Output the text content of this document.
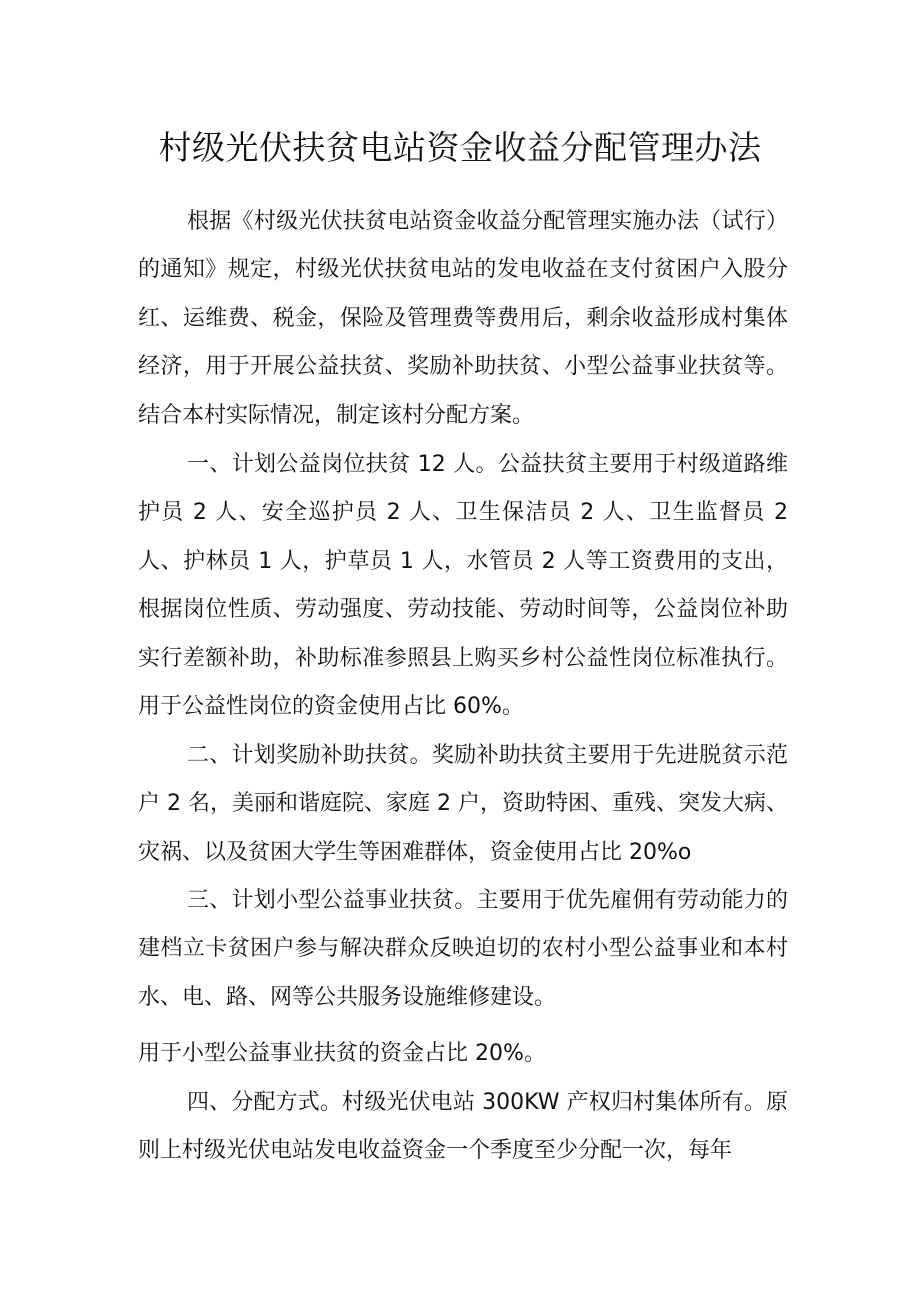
村级光伏扶贫电站资金收益分配管理办法

根据《村级光伏扶贫电站资金收益分配管理实施办法（试行）的通知》规定，村级光伏扶贫电站的发电收益在支付贫困户入股分红、运维费、税金，保险及管理费等费用后，剩余收益形成村集体经济，用于开展公益扶贫、奖励补助扶贫、小型公益事业扶贫等。结合本村实际情况，制定该村分配方案。

一、计划公益岗位扶贫 12 人。公益扶贫主要用于村级道路维护员 2 人、安全巡护员 2 人、卫生保洁员 2 人、卫生监督员 2 人、护林员 1 人，护草员 1 人，水管员 2 人等工资费用的支出，根据岗位性质、劳动强度、劳动技能、劳动时间等，公益岗位补助实行差额补助，补助标准参照县上购买乡村公益性岗位标准执行。用于公益性岗位的资金使用占比 60%。

二、计划奖励补助扶贫。奖励补助扶贫主要用于先进脱贫示范户 2 名，美丽和谐庭院、家庭 2 户，资助特困、重残、突发大病、灾祸、以及贫困大学生等困难群体，资金使用占比 20%o

三、计划小型公益事业扶贫。主要用于优先雇佣有劳动能力的建档立卡贫困户参与解决群众反映迫切的农村小型公益事业和本村水、电、路、网等公共服务设施维修建设。

用于小型公益事业扶贫的资金占比 20%。

四、分配方式。村级光伏电站 300KW 产权归村集体所有。原则上村级光伏电站发电收益资金一个季度至少分配一次，每年
